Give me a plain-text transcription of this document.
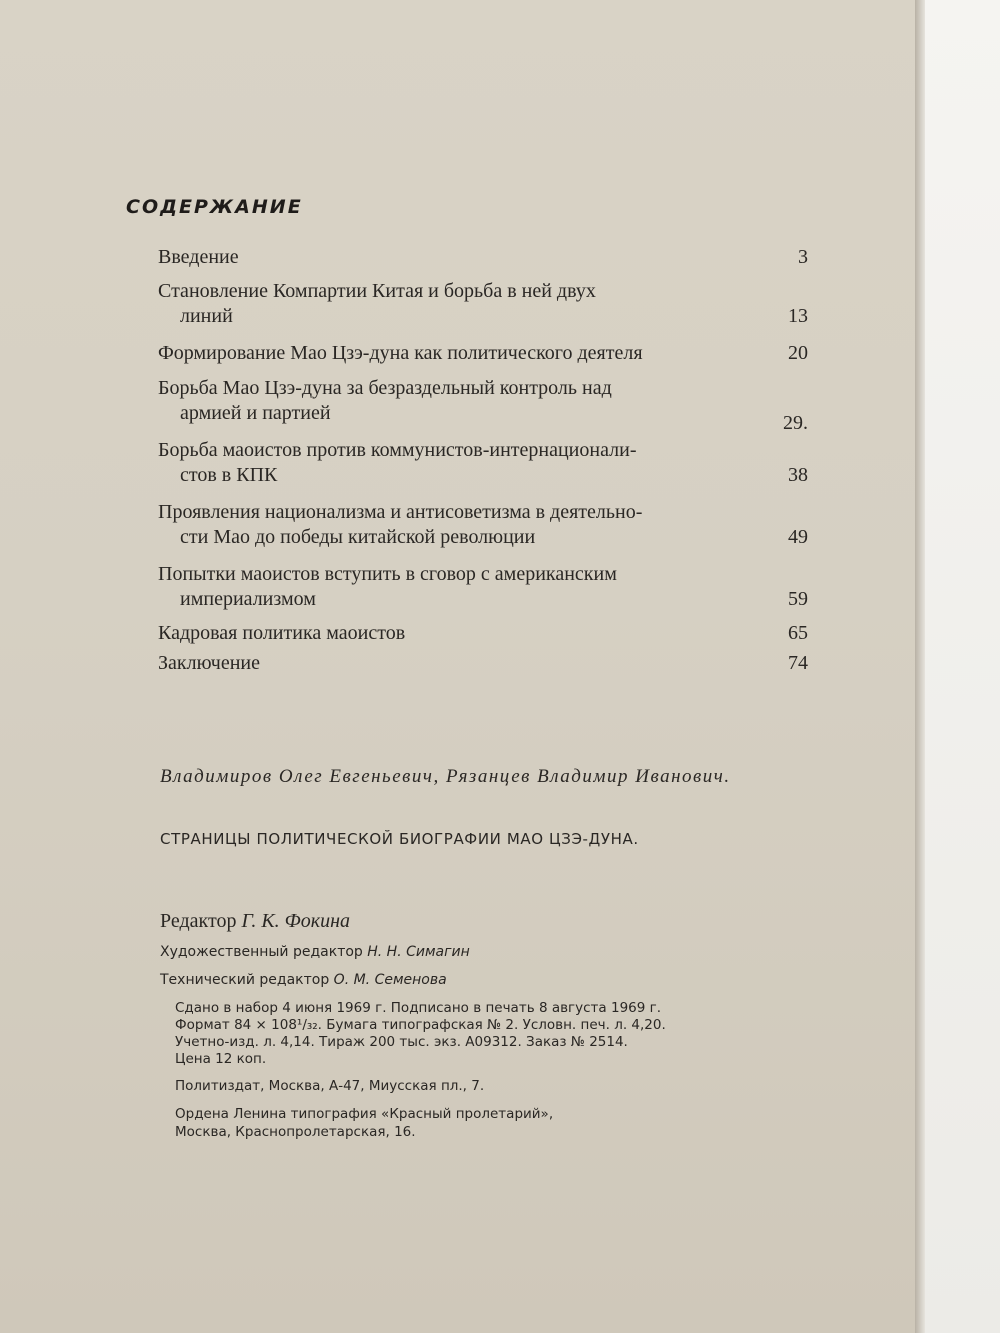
СОДЕРЖАНИЕ
Введение	3
Становление Компартии Китая и борьба в ней двух
линий	13
Формирование Мао Цзэ-дуна как политического деятеля	20
Борьба Мао Цзэ-дуна за безраздельный контроль над
армией и партией	29.
Борьба маоистов против коммунистов-интернационали-
стов в КПК	38
Проявления национализма и антисоветизма в деятельно-
сти Мао до победы китайской революции	49
Попытки маоистов вступить в сговор с американским
империализмом	59
Кадровая политика маоистов	65
Заключение	74
Владимиров Олег Евгеньевич, Рязанцев Владимир Иванович.
СТРАНИЦЫ ПОЛИТИЧЕСКОЙ БИОГРАФИИ МАО ЦЗЭ-ДУНА.
Редактор Г. К. Фокина
Художественный редактор Н. Н. Симагин
Технический редактор О. М. Семенова
Сдано в набор 4 июня 1969 г. Подписано в печать 8 августа 1969 г.
Формат 84 × 108¹/₃₂. Бумага типографская № 2. Условн. печ. л. 4,20.
Учетно-изд. л. 4,14. Тираж 200 тыс. экз. А09312. Заказ № 2514.
Цена 12 коп.
Политиздат, Москва, А-47, Миусская пл., 7.
Ордена Ленина типография «Красный пролетарий»,
Москва, Краснопролетарская, 16.
